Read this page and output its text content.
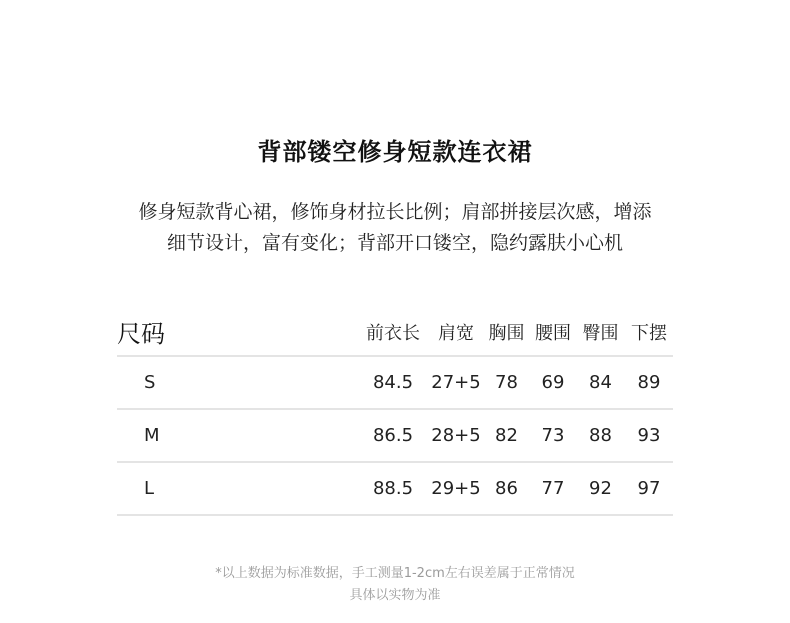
背部镂空修身短款连衣裙
修身短款背心裙，修饰身材拉长比例；肩部拼接层次感，增添
细节设计，富有变化；背部开口镂空，隐约露肤小心机
尺码	前衣长	肩宽 胸围 腰围 臀围 下摆
S	84.5	27+5 78	69	84	89
M	86.5	28+5 82	73	88	93
L	88.5	29+5 86	77	92	97
*以上数据为标准数据，手工测量1-2cm左右误差属于正常情况
具体以实物为准
